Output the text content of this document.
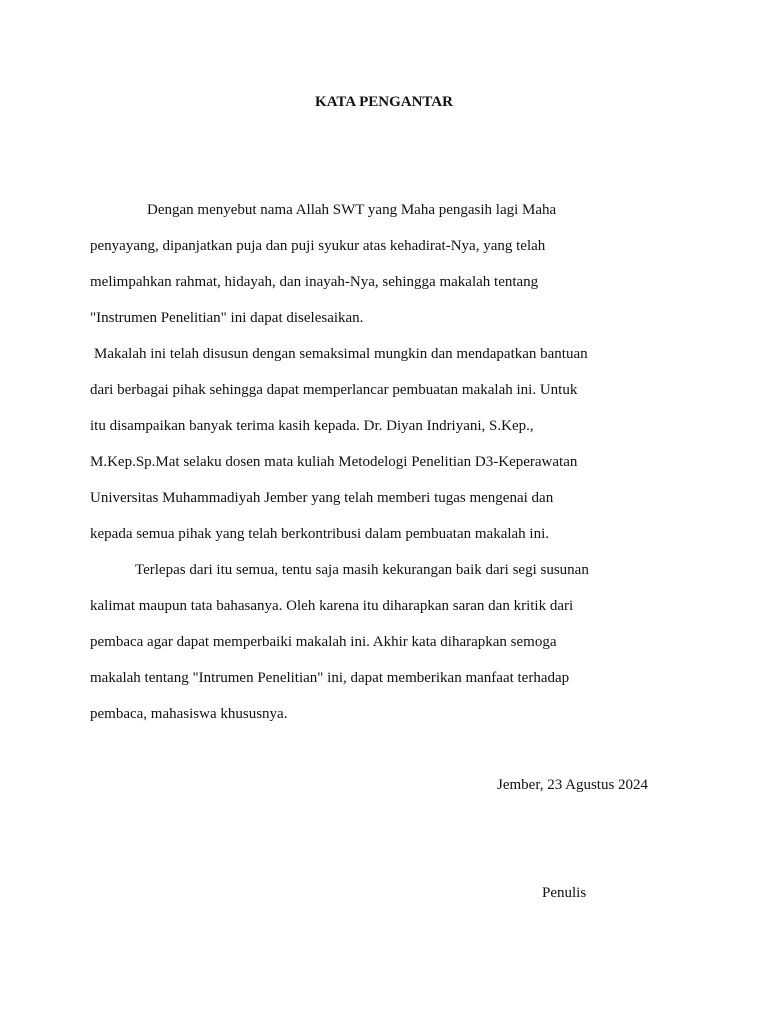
KATA PENGANTAR
Dengan menyebut nama Allah SWT yang Maha pengasih lagi Maha
penyayang, dipanjatkan puja dan puji syukur atas kehadirat-Nya, yang telah
melimpahkan rahmat, hidayah, dan inayah-Nya, sehingga makalah tentang
"Instrumen Penelitian" ini dapat diselesaikan.
Makalah ini telah disusun dengan semaksimal mungkin dan mendapatkan bantuan
dari berbagai pihak sehingga dapat memperlancar pembuatan makalah ini. Untuk
itu disampaikan banyak terima kasih kepada. Dr. Diyan Indriyani, S.Kep.,
M.Kep.Sp.Mat selaku dosen mata kuliah Metodelogi Penelitian D3-Keperawatan
Universitas Muhammadiyah Jember yang telah memberi tugas mengenai dan
kepada semua pihak yang telah berkontribusi dalam pembuatan makalah ini.
Terlepas dari itu semua, tentu saja masih kekurangan baik dari segi susunan
kalimat maupun tata bahasanya. Oleh karena itu diharapkan saran dan kritik dari
pembaca agar dapat memperbaiki makalah ini. Akhir kata diharapkan semoga
makalah tentang "Intrumen Penelitian" ini, dapat memberikan manfaat terhadap
pembaca, mahasiswa khususnya.
Jember, 23 Agustus 2024
Penulis
